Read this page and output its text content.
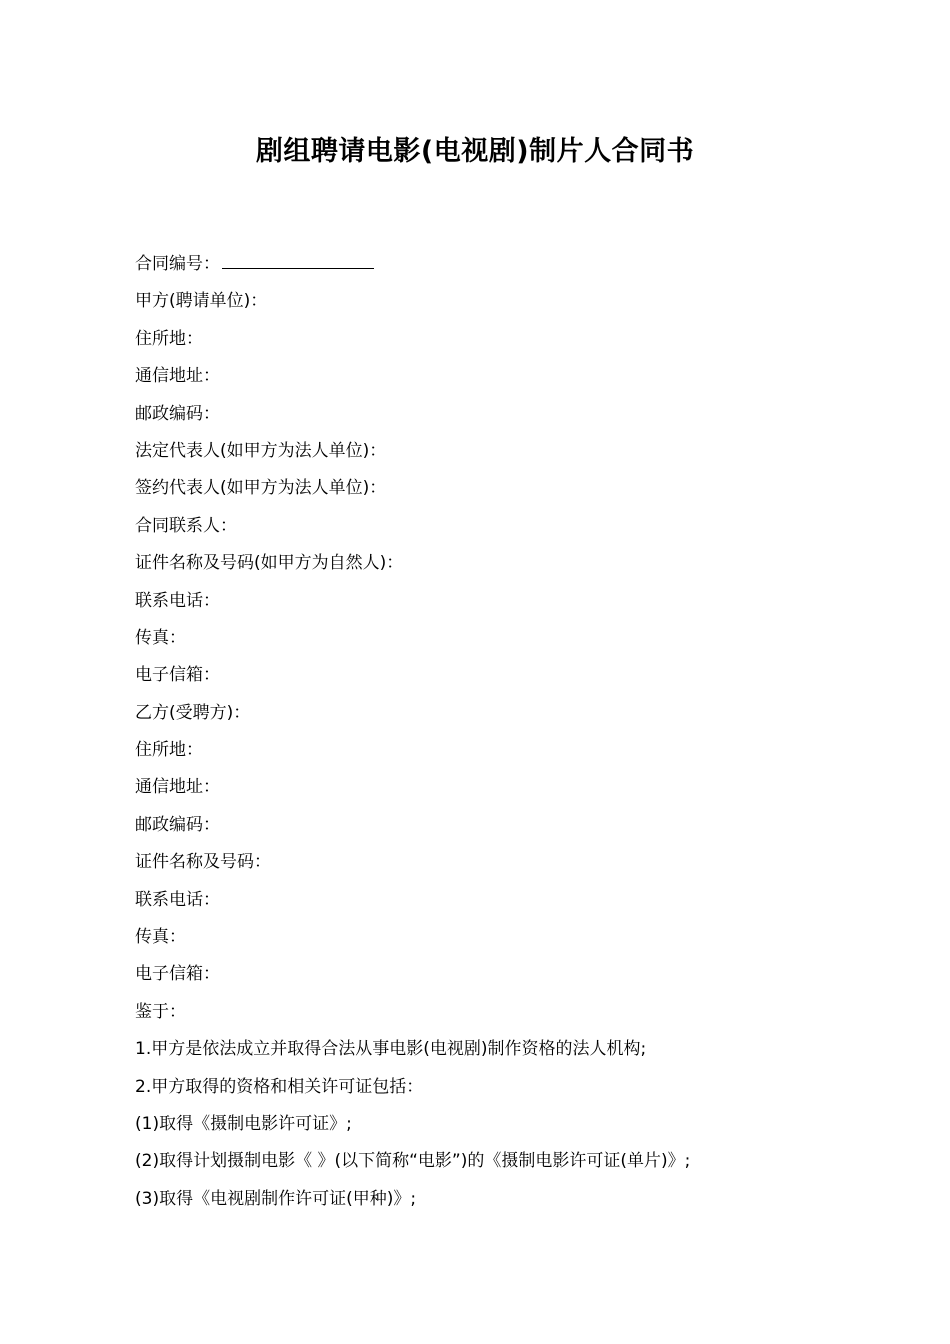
剧组聘请电影(电视剧)制片人合同书
合同编号：
甲方(聘请单位)：
住所地：
通信地址：
邮政编码：
法定代表人(如甲方为法人单位)：
签约代表人(如甲方为法人单位)：
合同联系人：
证件名称及号码(如甲方为自然人)：
联系电话：
传真：
电子信箱：
乙方(受聘方)：
住所地：
通信地址：
邮政编码：
证件名称及号码：
联系电话：
传真：
电子信箱：
鉴于：
1.甲方是依法成立并取得合法从事电影(电视剧)制作资格的法人机构;
2.甲方取得的资格和相关许可证包括：
(1)取得《摄制电影许可证》;
(2)取得计划摄制电影《 》(以下简称“电影”)的《摄制电影许可证(单片)》;
(3)取得《电视剧制作许可证(甲种)》;
